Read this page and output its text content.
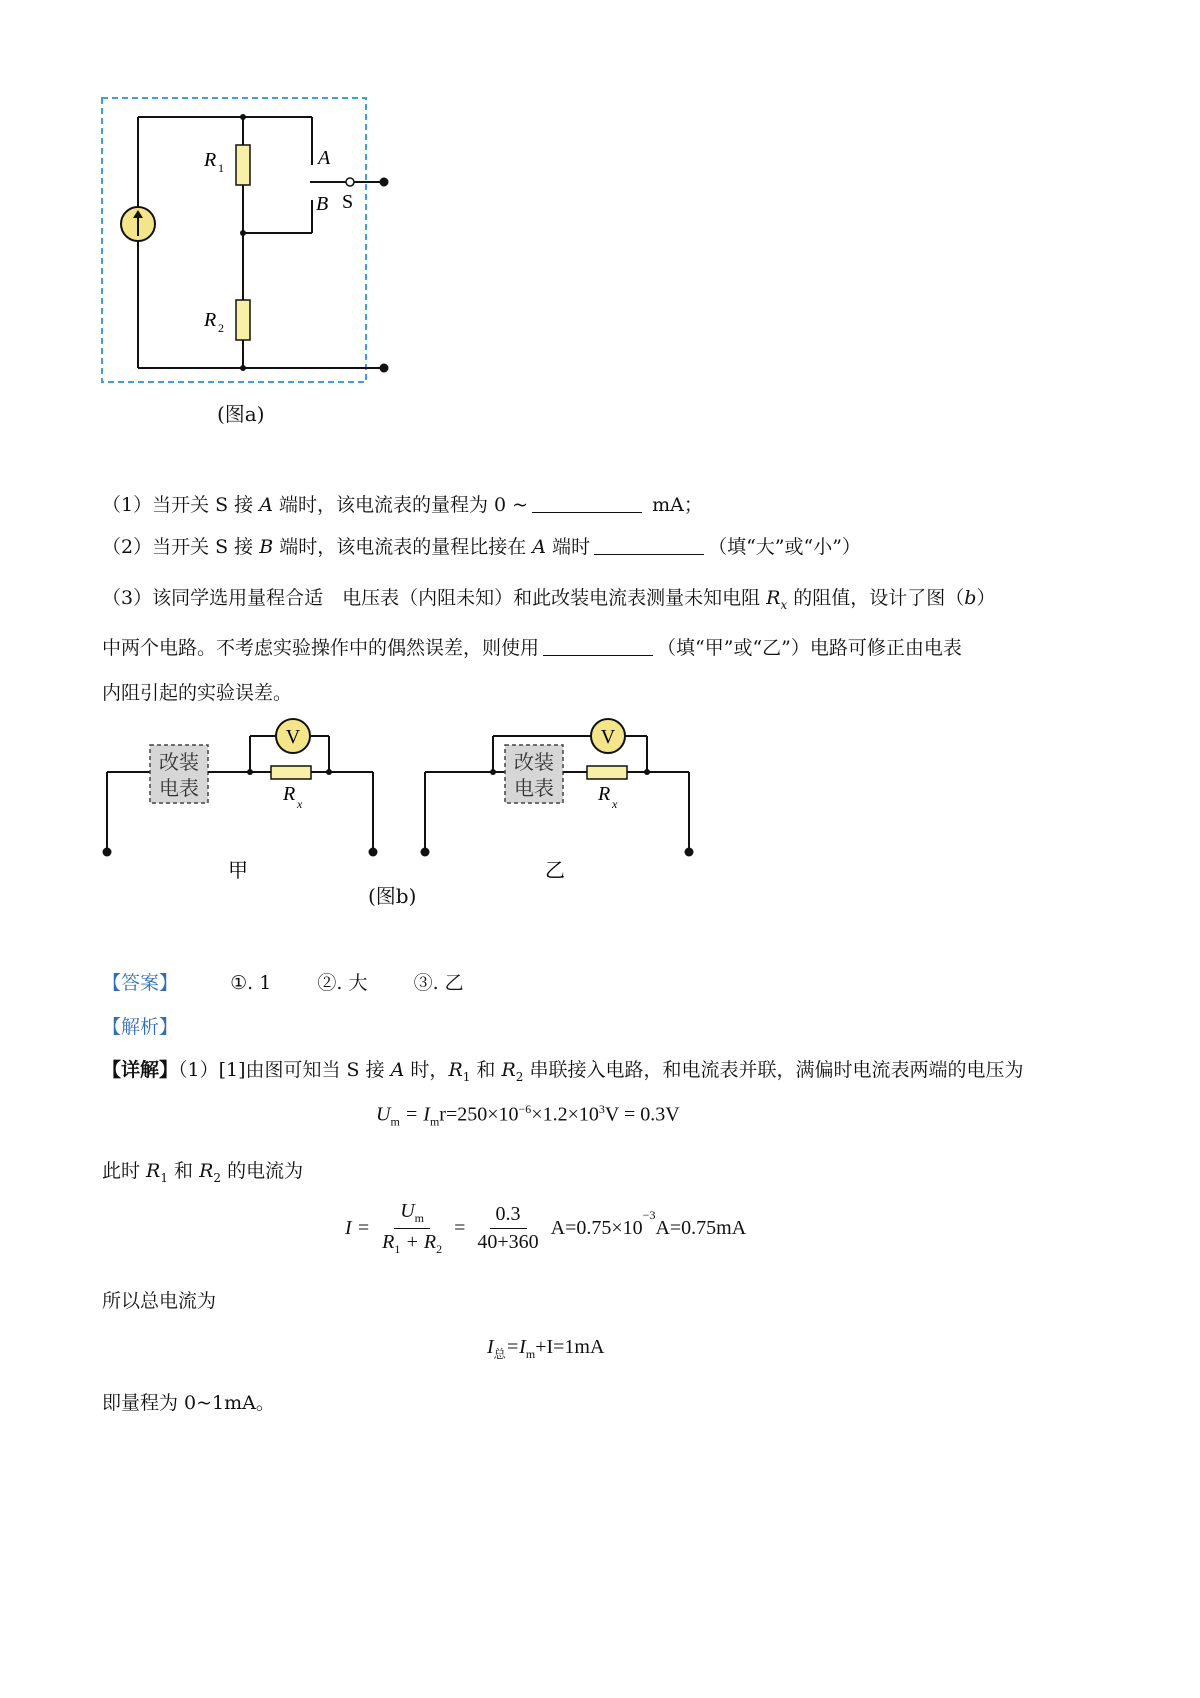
R 1
R 2
A
B S
(图a)
（1）当开关 S 接 A 端时，该电流表的量程为 0 ~	mA；
（2）当开关 S 接 B 端时，该电流表的量程比接在 A 端时	（填“大”或“小”）
（3）该同学选用量程合适　电压表（内阻未知）和此改装电流表测量未知电阻 $R_x$ 的阻值，设计了图（b）
中两个电路。不考虑实验操作中的偶然误差，则使用	（填“甲”或“乙”）电路可修正由电表
内阻引起的实验误差。
改装
电表
V
R x
改装
电表
V
R x
甲	乙
(图b)
【答案】	①. 1 ②. 大 ③. 乙
【解析】
【详解】（1）[1]由图可知当 S 接 A 时，$R_1$ 和 $R_2$ 串联接入电路，和电流表并联，满偏时电流表两端的电压为
$U_m = I_mr=250\times 10^{-6}\times 1.2\times 10^3V = 0.3V$
此时 $R_1$ 和 $R_2$ 的电流为
$I = \frac{U_m}{R_1 + R_2} = \frac{0.3}{40+360} A=0.75\times 10$
$^{-3}$
A=0.75mA
所以总电流为
$I_总=I_m+I=1mA$
即量程为 0~1mA。
